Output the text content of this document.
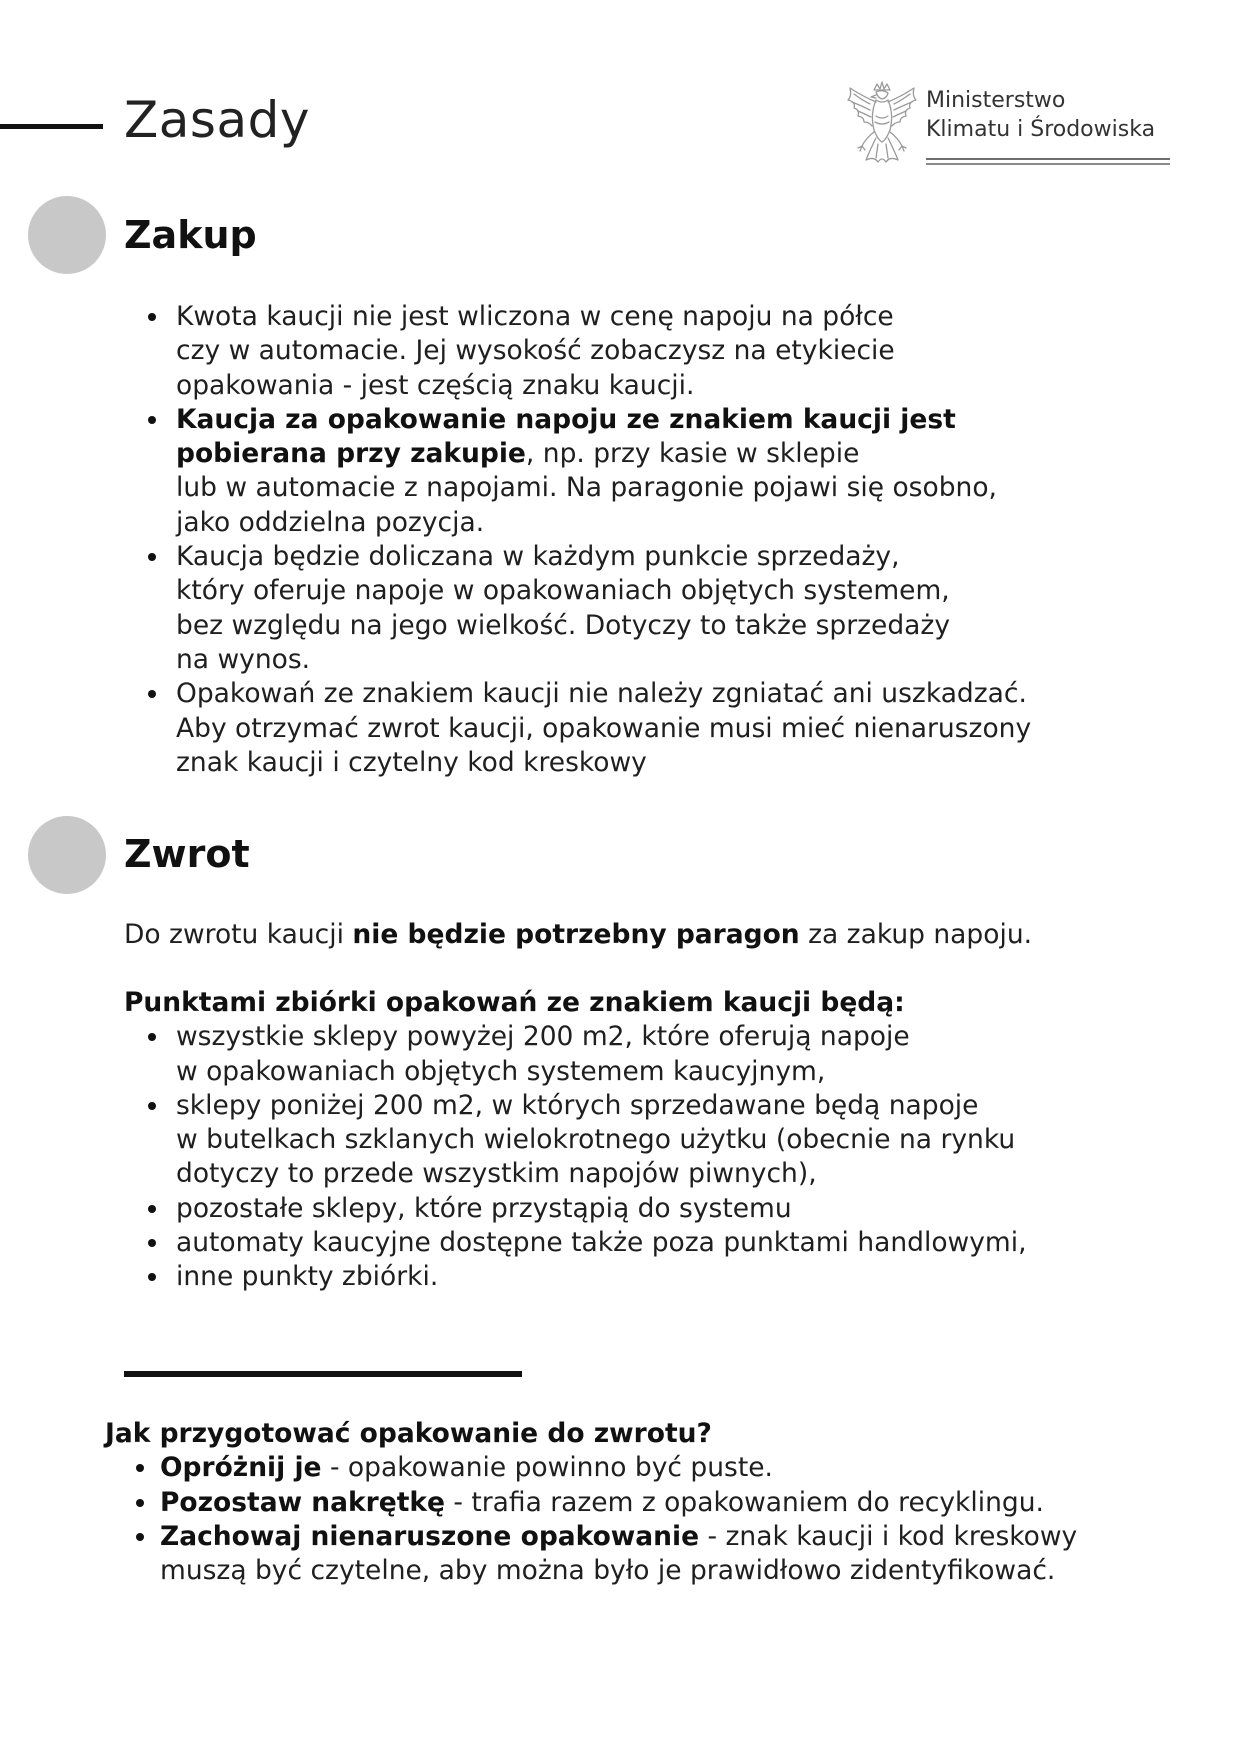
Zasady	Ministerstwo
Klimatu i Środowiska
Zakup
Kwota kaucji nie jest wliczona w cenę napoju na półce
czy w automacie. Jej wysokość zobaczysz na etykiecie
opakowania - jest częścią znaku kaucji.
Kaucja za opakowanie napoju ze znakiem kaucji jest
pobierana przy zakupie, np. przy kasie w sklepie
lub w automacie z napojami. Na paragonie pojawi się osobno,
jako oddzielna pozycja.
Kaucja będzie doliczana w każdym punkcie sprzedaży,
który oferuje napoje w opakowaniach objętych systemem,
bez względu na jego wielkość. Dotyczy to także sprzedaży
na wynos.
Opakowań ze znakiem kaucji nie należy zgniatać ani uszkadzać.
Aby otrzymać zwrot kaucji, opakowanie musi mieć nienaruszony
znak kaucji i czytelny kod kreskowy
Zwrot

Do zwrotu kaucji nie będzie potrzebny paragon za zakup napoju.

Punktami zbiórki opakowań ze znakiem kaucji będą:

wszystkie sklepy powyżej 200 m2, które oferują napoje
w opakowaniach objętych systemem kaucyjnym,
sklepy poniżej 200 m2, w których sprzedawane będą napoje
w butelkach szklanych wielokrotnego użytku (obecnie na rynku
dotyczy to przede wszystkim napojów piwnych),
pozostałe sklepy, które przystąpią do systemu
automaty kaucyjne dostępne także poza punktami handlowymi,
inne punkty zbiórki.

Jak przygotować opakowanie do zwrotu?

Opróżnij je - opakowanie powinno być puste.
Pozostaw nakrętkę - trafia razem z opakowaniem do recyklingu.
Zachowaj nienaruszone opakowanie - znak kaucji i kod kreskowy
muszą być czytelne, aby można było je prawidłowo zidentyfikować.
